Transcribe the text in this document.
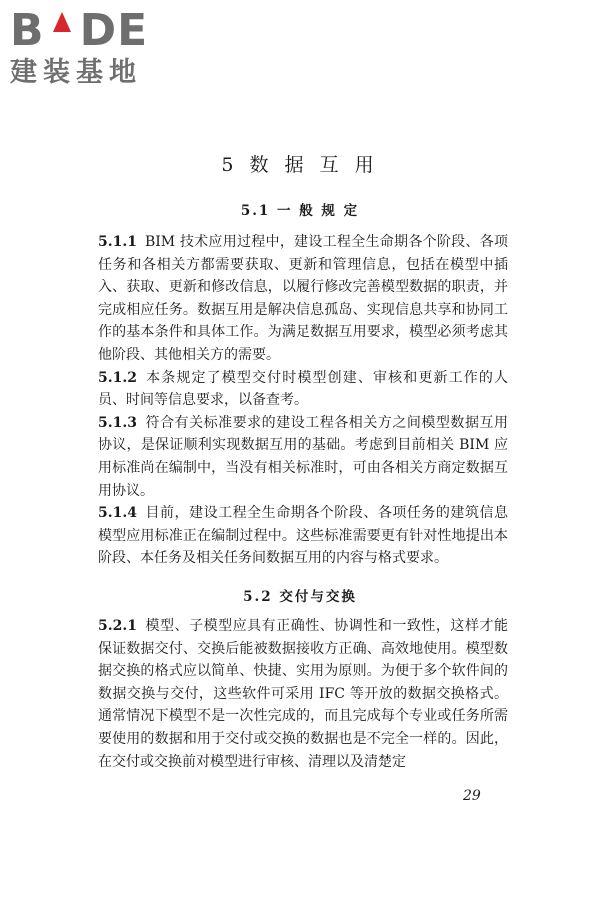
B DE
建装基地
5 数 据 互 用
5.1 一 般 规 定

5.1.1 BIM 技术应用过程中，建设工程全生命期各个阶段、各项任务和各相关方都需要获取、更新和管理信息，包括在模型中插入、获取、更新和修改信息，以履行修改完善模型数据的职责，并完成相应任务。数据互用是解决信息孤岛、实现信息共享和协同工作的基本条件和具体工作。为满足数据互用要求，模型必须考虑其他阶段、其他相关方的需要。

5.1.2 本条规定了模型交付时模型创建、审核和更新工作的人员、时间等信息要求，以备查考。

5.1.3 符合有关标准要求的建设工程各相关方之间模型数据互用协议，是保证顺利实现数据互用的基础。考虑到目前相关 BIM 应用标准尚在编制中，当没有相关标准时，可由各相关方商定数据互用协议。

5.1.4 目前，建设工程全生命期各个阶段、各项任务的建筑信息模型应用标准正在编制过程中。这些标准需要更有针对性地提出本阶段、本任务及相关任务间数据互用的内容与格式要求。

5.2 交付与交换

5.2.1 模型、子模型应具有正确性、协调性和一致性，这样才能保证数据交付、交换后能被数据接收方正确、高效地使用。模型数据交换的格式应以简单、快捷、实用为原则。为便于多个软件间的数据交换与交付，这些软件可采用 IFC 等开放的数据交换格式。通常情况下模型不是一次性完成的，而且完成每个专业或任务所需要使用的数据和用于交付或交换的数据也是不完全一样的。因此，在交付或交换前对模型进行审核、清理以及清楚定

29
